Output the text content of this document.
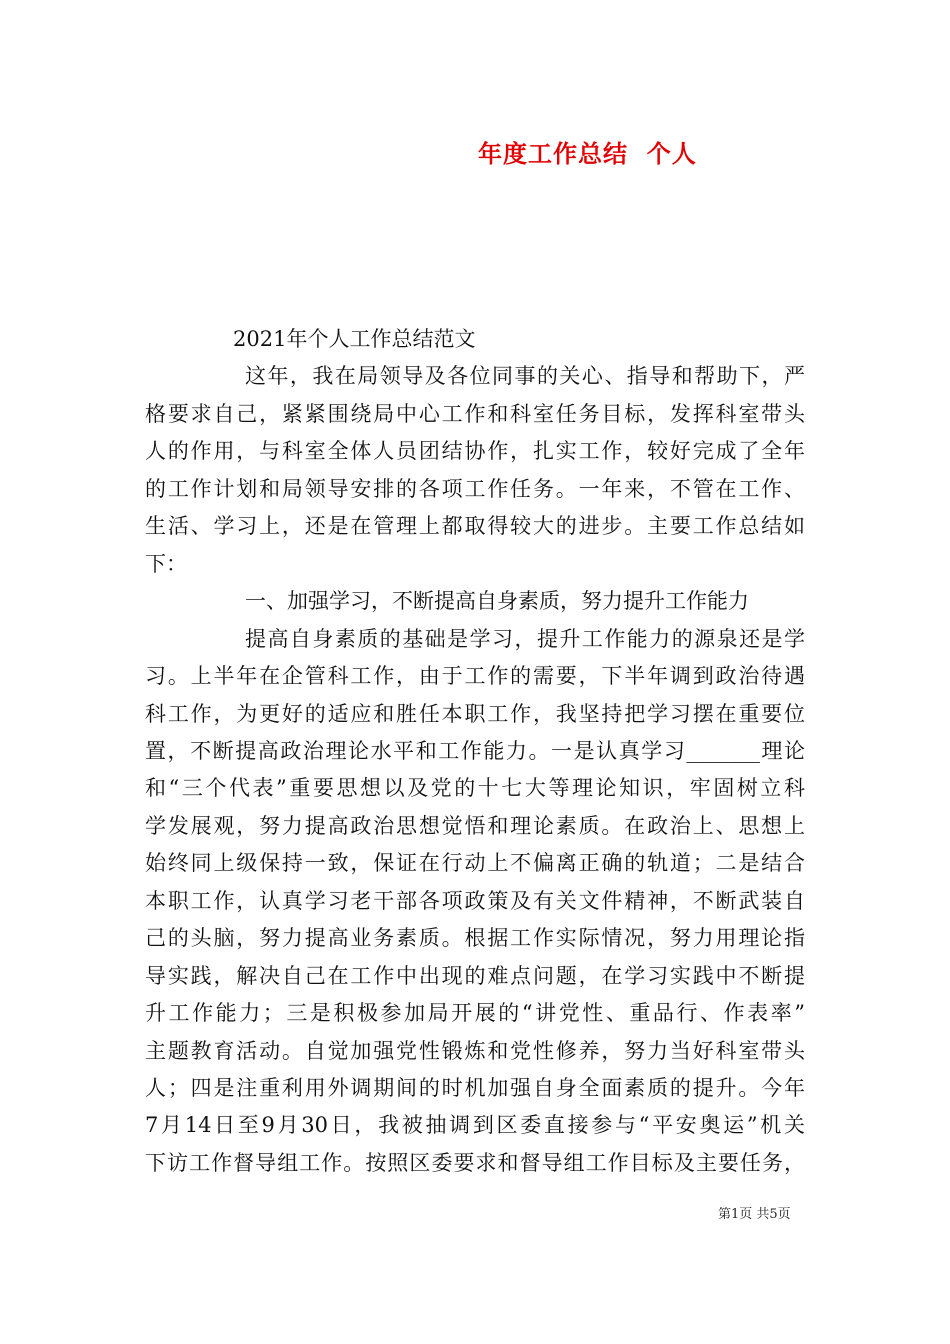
年度工作总结  个人
2021年个人工作总结范文
这年，我在局领导及各位同事的关心、指导和帮助下，严
格要求自己，紧紧围绕局中心工作和科室任务目标，发挥科室带头
人的作用，与科室全体人员团结协作，扎实工作，较好完成了全年
的工作计划和局领导安排的各项工作任务。一年来，不管在工作、
生活、学习上，还是在管理上都取得较大的进步。主要工作总结如
下：
一、加强学习，不断提高自身素质，努力提升工作能力
提高自身素质的基础是学习，提升工作能力的源泉还是学
习。上半年在企管科工作，由于工作的需要，下半年调到政治待遇
科工作，为更好的适应和胜任本职工作，我坚持把学习摆在重要位
置，不断提高政治理论水平和工作能力。一是认真学习_______理论
和“三个代表”重要思想以及党的十七大等理论知识，牢固树立科
学发展观，努力提高政治思想觉悟和理论素质。在政治上、思想上
始终同上级保持一致，保证在行动上不偏离正确的轨道；二是结合
本职工作，认真学习老干部各项政策及有关文件精神，不断武装自
己的头脑，努力提高业务素质。根据工作实际情况，努力用理论指
导实践，解决自己在工作中出现的难点问题，在学习实践中不断提
升工作能力；三是积极参加局开展的“讲党性、重品行、作表率”
主题教育活动。自觉加强党性锻炼和党性修养，努力当好科室带头
人；四是注重利用外调期间的时机加强自身全面素质的提升。今年
7月14日至9月30日，我被抽调到区委直接参与“平安奥运”机关
下访工作督导组工作。按照区委要求和督导组工作目标及主要任务，
第1页 共5页
